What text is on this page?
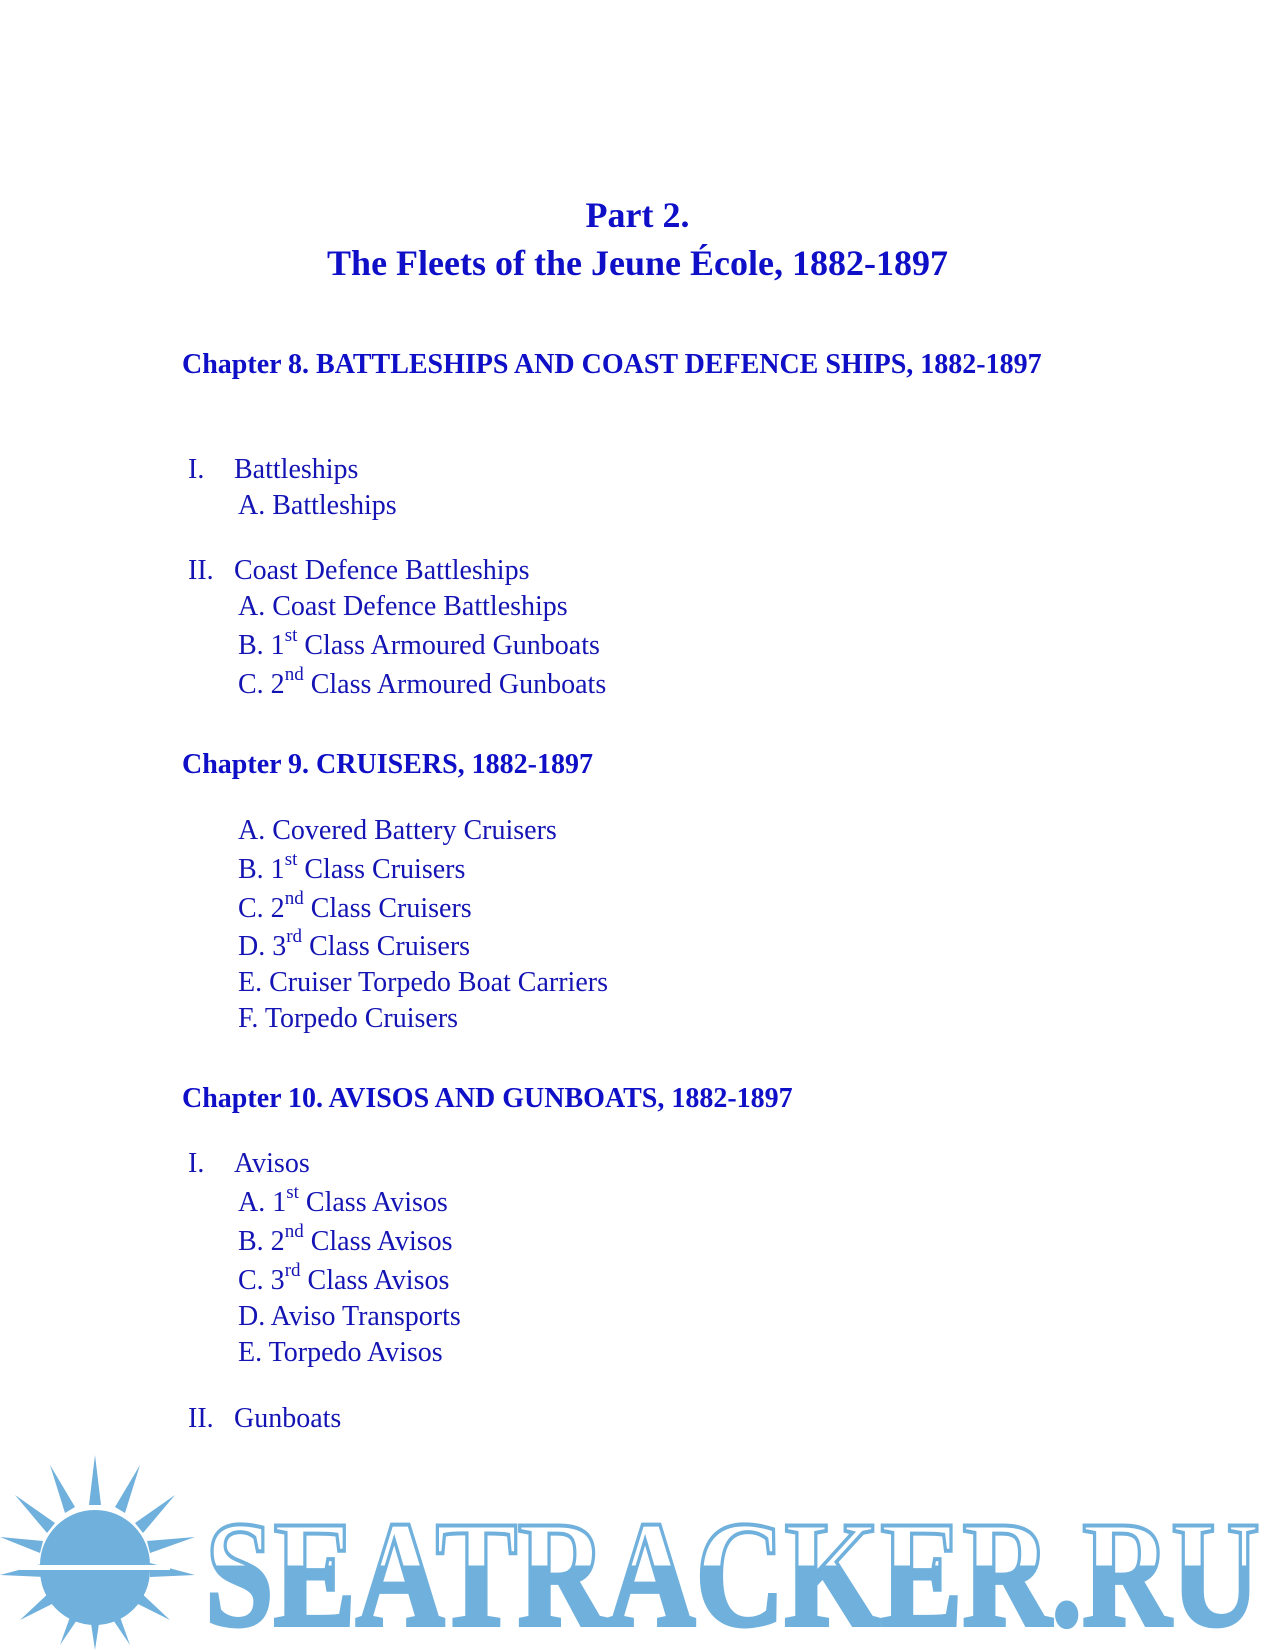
Part 2.
The Fleets of the Jeune École, 1882-1897
Chapter 8. BATTLESHIPS AND COAST DEFENCE SHIPS, 1882-1897
I. Battleships
A. Battleships
II. Coast Defence Battleships
A. Coast Defence Battleships
B. 1st Class Armoured Gunboats
C. 2nd Class Armoured Gunboats
Chapter 9. CRUISERS, 1882-1897
A. Covered Battery Cruisers
B. 1st Class Cruisers
C. 2nd Class Cruisers
D. 3rd Class Cruisers
E. Cruiser Torpedo Boat Carriers
F. Torpedo Cruisers
Chapter 10. AVISOS AND GUNBOATS, 1882-1897
I. Avisos
A. 1st Class Avisos
B. 2nd Class Avisos
C. 3rd Class Avisos
D. Aviso Transports
E. Torpedo Avisos
II. Gunboats
SEATRACKER.RU
